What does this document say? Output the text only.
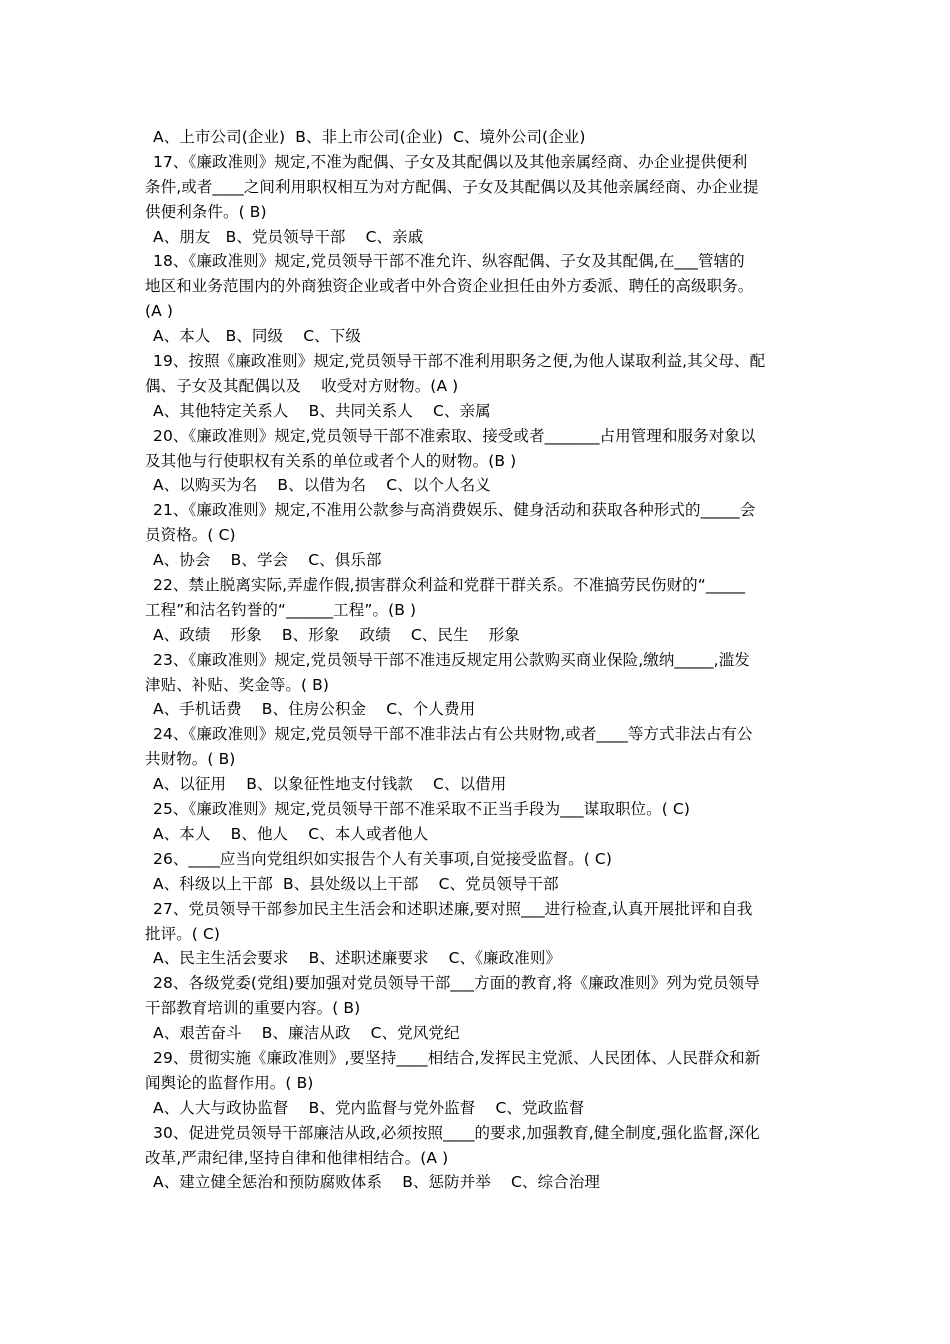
A、上市公司(企业)  B、非上市公司(企业)  C、境外公司(企业)
17、《廉政准则》规定,不准为配偶、子女及其配偶以及其他亲属经商、办企业提供便利
条件,或者____之间利用职权相互为对方配偶、子女及其配偶以及其他亲属经商、办企业提
供便利条件。( B)
A、朋友   B、党员领导干部    C、亲戚
18、《廉政准则》规定,党员领导干部不准允许、纵容配偶、子女及其配偶,在___管辖的
地区和业务范围内的外商独资企业或者中外合资企业担任由外方委派、聘任的高级职务。
(A )
A、本人   B、同级    C、下级
19、按照《廉政准则》规定,党员领导干部不准利用职务之便,为他人谋取利益,其父母、配
偶、子女及其配偶以及    收受对方财物。(A )
A、其他特定关系人    B、共同关系人    C、亲属
20、《廉政准则》规定,党员领导干部不准索取、接受或者_______占用管理和服务对象以
及其他与行使职权有关系的单位或者个人的财物。(B )
A、以购买为名    B、以借为名    C、以个人名义
21、《廉政准则》规定,不准用公款参与高消费娱乐、健身活动和获取各种形式的_____会
员资格。( C)
A、协会    B、学会    C、俱乐部
22、禁止脱离实际,弄虚作假,损害群众利益和党群干群关系。不准搞劳民伤财的“_____
工程”和沽名钓誉的“______工程”。(B )
A、政绩    形象    B、形象    政绩    C、民生    形象
23、《廉政准则》规定,党员领导干部不准违反规定用公款购买商业保险,缴纳_____,滥发
津贴、补贴、奖金等。( B)
A、手机话费    B、住房公积金    C、个人费用
24、《廉政准则》规定,党员领导干部不准非法占有公共财物,或者____等方式非法占有公
共财物。( B)
A、以征用    B、以象征性地支付钱款    C、以借用
25、《廉政准则》规定,党员领导干部不准采取不正当手段为___谋取职位。( C)
A、本人    B、他人    C、本人或者他人
26、____应当向党组织如实报告个人有关事项,自觉接受监督。( C)
A、科级以上干部  B、县处级以上干部    C、党员领导干部
27、党员领导干部参加民主生活会和述职述廉,要对照___进行检查,认真开展批评和自我
批评。( C)
A、民主生活会要求    B、述职述廉要求    C、《廉政准则》
28、各级党委(党组)要加强对党员领导干部___方面的教育,将《廉政准则》列为党员领导
干部教育培训的重要内容。( B)
A、艰苦奋斗    B、廉洁从政    C、党风党纪
29、贯彻实施《廉政准则》,要坚持____相结合,发挥民主党派、人民团体、人民群众和新
闻舆论的监督作用。( B)
A、人大与政协监督    B、党内监督与党外监督    C、党政监督
30、促进党员领导干部廉洁从政,必须按照____的要求,加强教育,健全制度,强化监督,深化
改革,严肃纪律,坚持自律和他律相结合。(A )
A、建立健全惩治和预防腐败体系    B、惩防并举    C、综合治理
